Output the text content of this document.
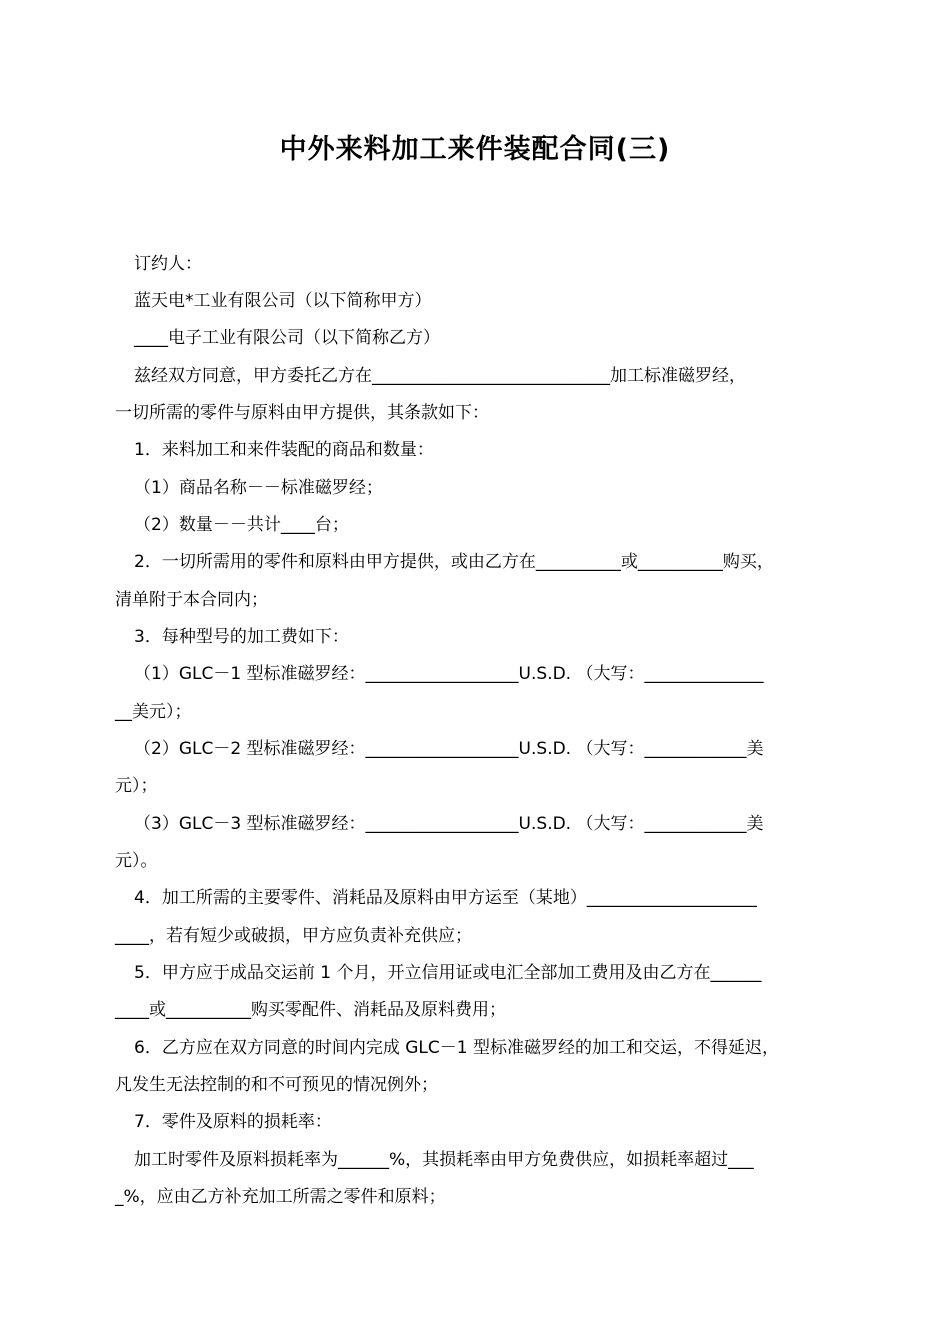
中外来料加工来件装配合同(三)
订约人：
蓝天电*工业有限公司（以下简称甲方）
____电子工业有限公司（以下简称乙方）
兹经双方同意，甲方委托乙方在____________________________加工标准磁罗经，
一切所需的零件与原料由甲方提供，其条款如下：
1．来料加工和来件装配的商品和数量：
（1）商品名称－－标准磁罗经；
（2）数量－－共计____台；
2．一切所需用的零件和原料由甲方提供，或由乙方在__________或__________购买，
清单附于本合同内；
3．每种型号的加工费如下：
（1）GLC－1 型标准磁罗经：__________________U.S.D. （大写：______________
__美元）；
（2）GLC－2 型标准磁罗经：__________________U.S.D. （大写：____________美
元）；
（3）GLC－3 型标准磁罗经：__________________U.S.D. （大写：____________美
元）。
4．加工所需的主要零件、消耗品及原料由甲方运至（某地）____________________
____，若有短少或破损，甲方应负责补充供应；
5．甲方应于成品交运前 1 个月，开立信用证或电汇全部加工费用及由乙方在______
____或__________购买零配件、消耗品及原料费用；
6．乙方应在双方同意的时间内完成 GLC－1 型标准磁罗经的加工和交运，不得延迟，
凡发生无法控制的和不可预见的情况例外；
7．零件及原料的损耗率：
加工时零件及原料损耗率为______%，其损耗率由甲方免费供应，如损耗率超过___
_%，应由乙方补充加工所需之零件和原料；
